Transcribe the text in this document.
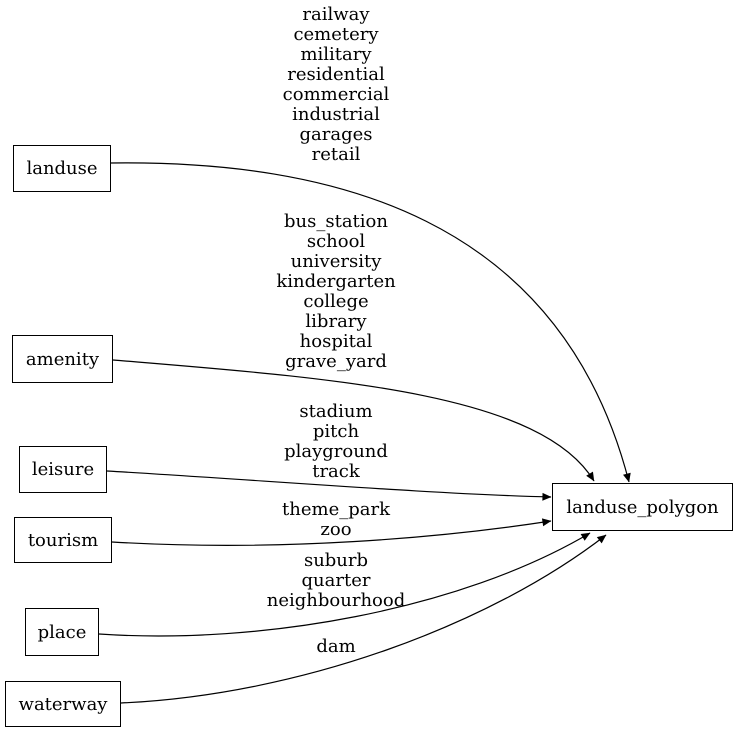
landuse
amenity
leisure
tourism
place
waterway
landuse_polygon
railway
cemetery
military
residential
commercial
industrial
garages
retail
bus_station
school
university
kindergarten
college
library
hospital
grave_yard
stadium
pitch
playground
track
theme_park
zoo
suburb
quarter
neighbourhood
dam
